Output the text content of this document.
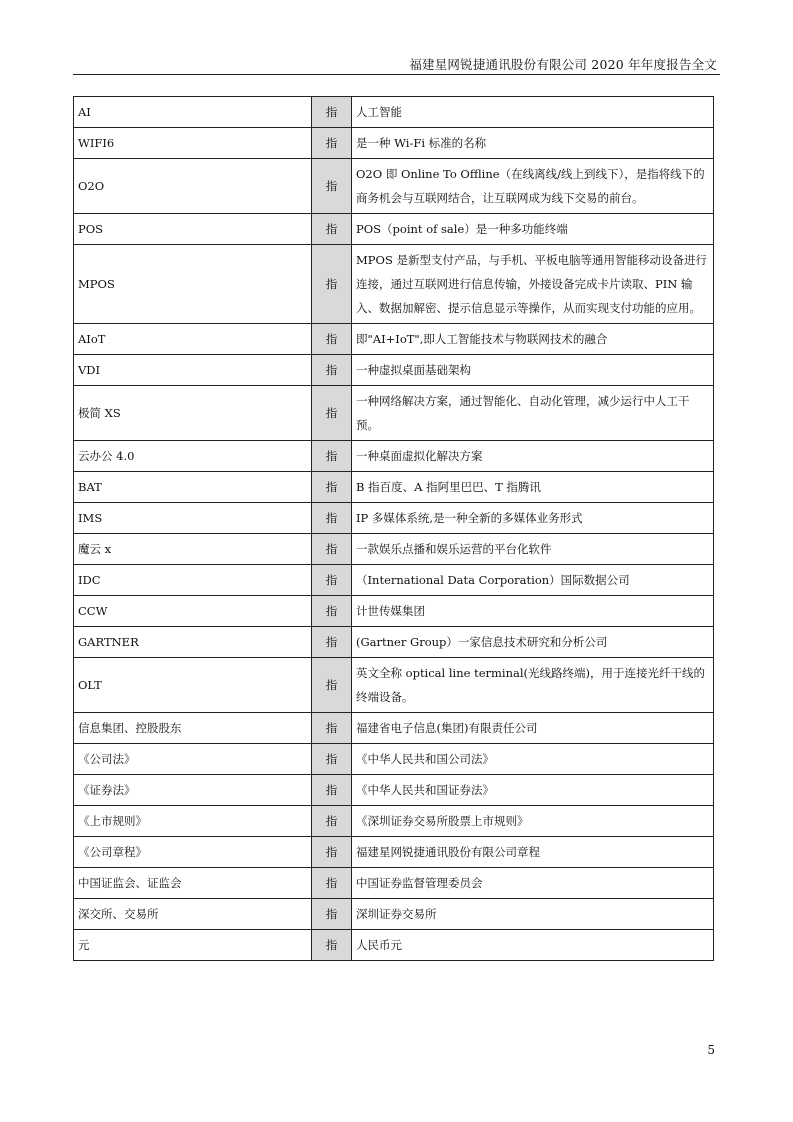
福建星网锐捷通讯股份有限公司 2020 年年度报告全文
AI	指	人工智能
WIFI6	指	是一种 Wi-Fi 标准的名称
O2O	指	O2O 即 Online To Offline（在线离线/线上到线下），是指将线下的商务机会与互联网结合，让互联网成为线下交易的前台。
POS	指	POS（point of sale）是一种多功能终端
MPOS	指	MPOS 是新型支付产品，与手机、平板电脑等通用智能移动设备进行连接，通过互联网进行信息传输，外接设备完成卡片读取、PIN 输入、数据加解密、提示信息显示等操作，从而实现支付功能的应用。
AIoT	指	即"AI+IoT",即人工智能技术与物联网技术的融合
VDI	指	一种虚拟桌面基础架构
极简 XS	指	一种网络解决方案，通过智能化、自动化管理，减少运行中人工干预。
云办公 4.0	指	一种桌面虚拟化解决方案
BAT	指	B 指百度、A 指阿里巴巴、T 指腾讯
IMS	指	IP 多媒体系统,是一种全新的多媒体业务形式
魔云 x	指	一款娱乐点播和娱乐运营的平台化软件
IDC	指	（International Data Corporation）国际数据公司
CCW	指	计世传媒集团
GARTNER	指	(Gartner Group）一家信息技术研究和分析公司
OLT	指	英文全称 optical line terminal(光线路终端)，用于连接光纤干线的终端设备。
信息集团、控股股东	指	福建省电子信息(集团)有限责任公司
《公司法》	指	《中华人民共和国公司法》
《证券法》	指	《中华人民共和国证券法》
《上市规则》	指	《深圳证券交易所股票上市规则》
《公司章程》	指	福建星网锐捷通讯股份有限公司章程
中国证监会、证监会	指	中国证券监督管理委员会
深交所、交易所	指	深圳证券交易所
元	指	人民币元
5
